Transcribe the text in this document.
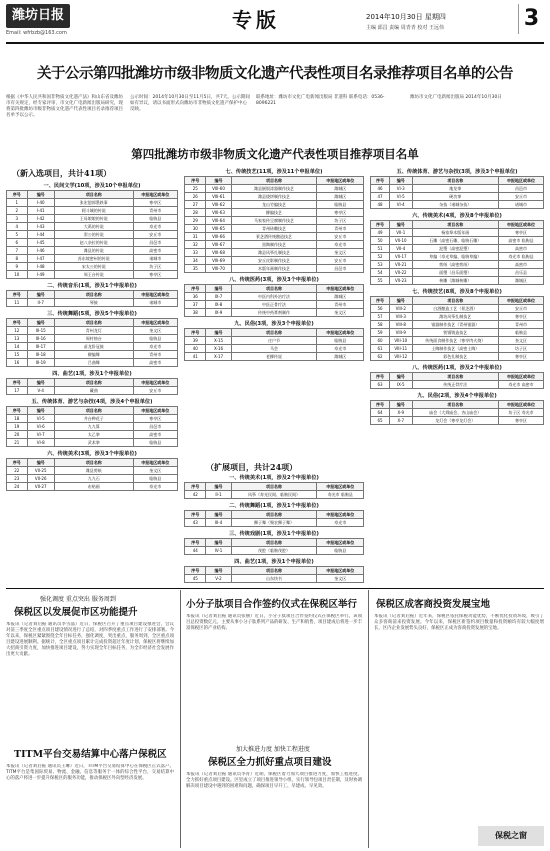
潍坊日报
Email: wfrbzb@163.com
专版	2014年10月30日 星期四
主编 邱昌 责编 周青青 校对 王远伟	3
关于公示第四批潍坊市级非物质文化遗产代表性项目名录推荐项目名单的公告
根据《中华人民共和国非物质文化遗产法》和山东省及潍坊市有关规定，经专家评审，市文化广电新闻出版局研究，现将第四批潍坊市级非物质文化遗产代表性项目名录推荐项目名单予以公示。
公示时间：2014年10月30日至11月5日，共7天。公示期间如有异议，请以书面形式向潍坊市非物质文化遗产保护中心反映。
联系地址：潍坊市文化广电新闻出版局 非遗科 联系电话：0536-8096221
潍坊市文化广电新闻出版局 2014年10月30日
第四批潍坊市级非物质文化遗产代表性项目推荐项目名单
（新入选项目，共计41项）
（扩展项目，共计24项）
一、民间文学(10项，涉及10个申报单位)
序号	编号	项目名称	申报地区或单位
1	I-40	张宏恕郭墨轶事	寒亭区
2	I-41	阿斗城的传说	青州市
3	I-42	王母娘娘的传说	临朐县
4	I-43	大禹的传说	寿光市
5	I-44	窦公的传说	安丘市
6	I-45	赵八杂拉的传说	昌邑市
7	I-46	潍县的传说	高密市
8	I-47	苏东坡密州的传说	诸城市
9	I-48	宋太公的传说	坊子区
10	I-49	周王台传说	寒亭区
二、传统音乐(1项，涉及1个申报单位)
序号	编号	项目名称	申报地区或单位
11	II-7	琴鼓	诸城市
三、传统舞蹈(5项，涉及5个申报单位)
序号	编号	项目名称	申报地区或单位
12	III-15	青州龙灯	奎文区
13	III-16	周村烛台	临朐县
14	III-17	苗龙卧冠鼓	寿光市
15	III-18	柳编舞	青州市
16	III-19	吕曲舞	高密市
四、曲艺(1项，涉及1个申报单位)
序号	编号	项目名称	申报地区或单位
17	V-4	藏曲	安丘市
五、传统体育、游艺与杂技(4项，涉及4个申报单位)
序号	编号	项目名称	申报地区或单位
18	VI-5	井台种花子	寒亭区
19	VI-6	九九算	昌邑市
20	VI-7	太乙拳	高密市
21	VI-8	武术拳	临朐县
六、传统美术(3项，涉及3个申报单位)
序号	编号	项目名称	申报地区或单位
22	VII-25	潍县剪纸	奎文区
23	VII-26	九九石	临朐县
24	VII-27	布贴画	寿光市
七、传统技艺(11项，涉及11个申报单位)
序号	编号	项目名称	申报地区或单位
25	VIII-60	潍县嵌银漆器制作技艺	潍城区
26	VIII-61	潍县烧饼制作技艺	潍城区
27	VIII-62	龙山竹编技艺	临朐县
28	VIII-63	柳编技艺	寒亭区
29	VIII-64	马家家传豆腐制作技艺	坊子区
30	VIII-65	青州砖雕技艺	青州市
31	VIII-66	景芝酒传统酿造技艺	安丘市
32	VIII-67	黑陶制作技艺	寿光市
33	VIII-68	潍县风筝扎制技艺	奎文区
34	VIII-69	安丘皮影制作技艺	安丘市
35	VIII-70	木版年画制作技艺	昌邑市
八、传统医药(3项，涉及3个申报单位)
序号	编号	项目名称	申报地区或单位
36	IX-7	中医内科外治疗法	潍城区
37	IX-8	中医正骨疗法	青州市
38	IX-9	传统中药膏剂制作	奎文区
九、民俗(3项，涉及3个申报单位)
序号	编号	项目名称	申报地区或单位
39	X-15	庄户节	临朐县
40	X-16	马会	寿光市
41	X-17	老柳传说	潍城区
一、传统美术(1项，涉及2个申报单位)
序号	编号	项目名称	申报地区或单位
42	II-1	风筝（寿光民间、临朐民间）	寿光市 临朐县
二、传统舞蹈(1项，涉及1个申报单位)
序号	编号	项目名称	申报地区或单位
43	III-4	狮子舞（聚农狮子舞）	寿光市
三、传统戏剧(1项，涉及1个申报单位)
序号	编号	项目名称	申报地区或单位
44	IV-1	茂腔（临朐茂腔）	临朐县
四、曲艺(1项，涉及1个申报单位)
序号	编号	项目名称	申报地区或单位
45	V-2	山东快书	奎文区
五、传统体育、游艺与杂技(3项，涉及3个申报单位)
序号	编号	项目名称	申报地区或单位
46	VI-3	地龙拳	昌邑市
47	VI-5	硬功拳	安丘市
48	VI-4	杂技（诸城杂技）	诸城市
六、传统美术(4项，涉及8个申报单位)
序号	编号	项目名称	申报地区或单位
49	VII-1	杨家埠木版年画	寒亭区
50	VII-10	石雕（高密石雕、临朐石雕）	高密市 临朐县
51	VII-4	泥塑（高密泥塑）	高密市
52	VII-17	草编（寿光草编、临朐草编）	寿光市 临朐县
53	VII-21	剪纸（高密剪纸）	高密市
54	VII-22	面塑（昌乐面塑）	昌乐县
55	VII-23	核雕（潍城核雕）	潍城区
七、传统技艺(8项，涉及8个申报单位)
序号	编号	项目名称	申报地区或单位
56	VIII-2	白酒酿造工艺（景芝酒）	安丘市
57	VIII-3	潍坊风筝扎制技艺	寒亭区
58	VIII-8	银器制作技艺（青州银器）	青州市
59	VIII-9	铁锅铸造技艺	临朐县
60	VIII-10	传统面食制作技艺（寒亭肉火烧）	奎文区
61	VIII-11	土陶制作技艺（高密土陶）	坊子区
62	VIII-12	彩色扎制技艺	寒亭区
八、传统医药(1项，涉及2个申报单位)
序号	编号	项目名称	申报地区或单位
63	IX-5	传统正骨疗法	寿光市 高密市
九、民俗(2项，涉及4个申报单位)
序号	编号	项目名称	申报地区或单位
64	X-9	庙会（大舜庙会、杏山庙会）	坊子区 寿光市
65	X-7	龙灯会（寒亭龙灯会）	寒亭区
强化调度 重点突出 服务周到
保税区以发展促市区功能提升
本报讯（记者刘启振 通讯员李雪晶）近日，保税区召开了重点项目建设推进会，会议对前三季度全区重点项目建设情况进行了总结，对四季度重点工作进行了安排部署。今年以来，保税区紧紧围绕全年目标任务，强化调度，突出重点，服务周到，全区重点项目建设进展顺利。据统计，全区重点项目累计完成投资超过年度计划，保税区将继续加大招商引资力度，加快推进项目建设，努力实现全年目标任务，为全市经济社会发展作出更大贡献。
TITM平台交易结算中心落户保税区
本报讯（记者刘启振 通讯员王琳）近日，TITM平台交易结算中心在保税区正式落户。TITM平台是集国际贸易、物流、金融、信息等服务于一体的综合性平台，交易结算中心的落户将进一步提升保税区的服务功能，推动保税区外向型经济发展。
小分子肽项目合作签约仪式在保税区举行
本报讯（记者刘启振 通讯员张丽）近日，小分子肽项目合作签约仪式在保税区举行。该项目总投资数亿元，主要从事小分子肽系列产品的研发、生产和销售，项目建成后将进一步丰富保税区的产业结构。
加大推进力度 加快工程进度
保税区全力抓好重点项目建设
本报讯（记者刘启振 通讯员李青）近期，保税区着力加大项目推进力度，加快工程进度，全力抓好重点项目建设。区里成立了项目推进领导小组，实行领导包项目责任制，及时协调解决项目建设中遇到的困难和问题，确保项目早开工、早建成、早见效。
保税区成客商投资发展宝地
本报讯（记者刘启振）近年来，保税区依托保税功能优势，不断优化投资环境，吸引了众多客商前来投资发展。今年以来，保税区新签约项目数量和投资额均有较大幅度增长，区内企业发展势头良好，保税区正成为客商投资发展的宝地。
保税之窗
